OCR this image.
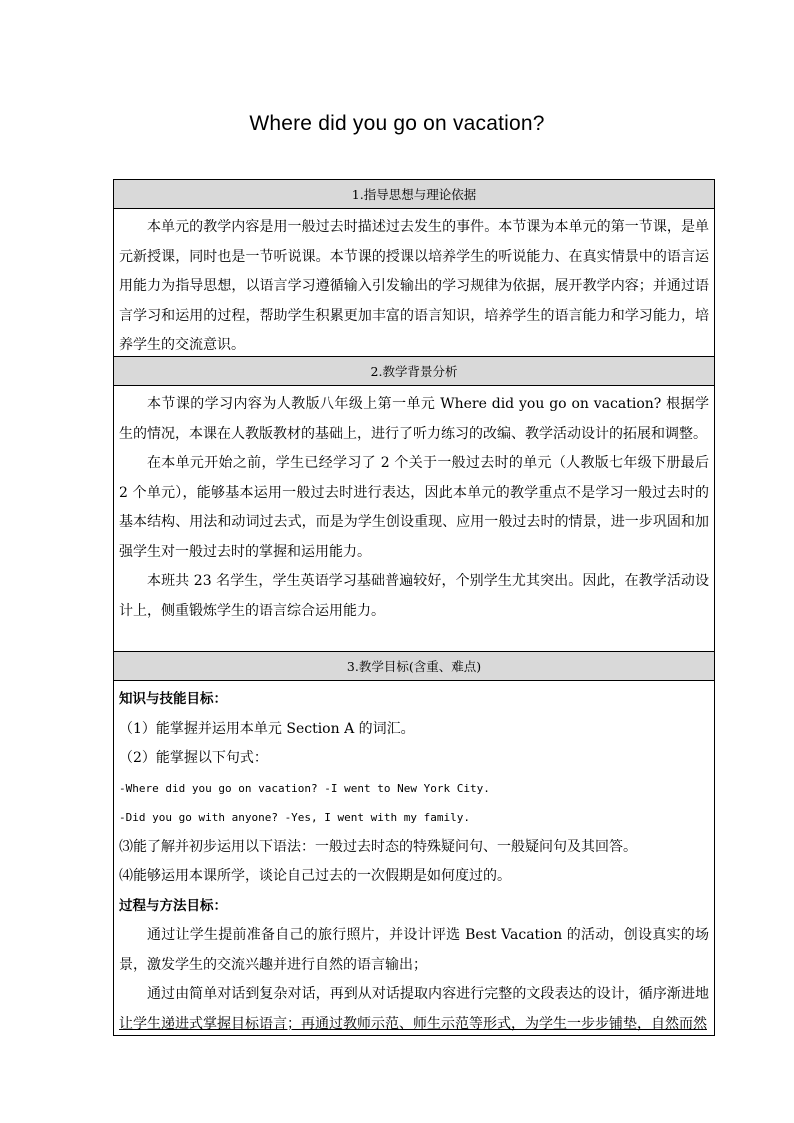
Where did you go on vacation?
1.指导思想与理论依据

本单元的教学内容是用一般过去时描述过去发生的事件。本节课为本单元的第一节课，是单元新授课，同时也是一节听说课。本节课的授课以培养学生的听说能力、在真实情景中的语言运用能力为指导思想，以语言学习遵循输入引发输出的学习规律为依据，展开教学内容；并通过语言学习和运用的过程，帮助学生积累更加丰富的语言知识，培养学生的语言能力和学习能力，培养学生的交流意识。

2.教学背景分析

本节课的学习内容为人教版八年级上第一单元 Where did you go on vacation? 根据学生的情况，本课在人教版教材的基础上，进行了听力练习的改编、教学活动设计的拓展和调整。

在本单元开始之前，学生已经学习了 2 个关于一般过去时的单元（人教版七年级下册最后 2 个单元），能够基本运用一般过去时进行表达，因此本单元的教学重点不是学习一般过去时的基本结构、用法和动词过去式，而是为学生创设重现、应用一般过去时的情景，进一步巩固和加强学生对一般过去时的掌握和运用能力。

本班共 23 名学生，学生英语学习基础普遍较好，个别学生尤其突出。因此，在教学活动设计上，侧重锻炼学生的语言综合运用能力。

3.教学目标(含重、难点)

知识与技能目标：

（1）能掌握并运用本单元 Section A 的词汇。

（2）能掌握以下句式：

-Where did you go on vacation? -I went to New York City.

-Did you go with anyone? -Yes, I went with my family.

⑶能了解并初步运用以下语法：一般过去时态的特殊疑问句、一般疑问句及其回答。

⑷能够运用本课所学，谈论自己过去的一次假期是如何度过的。

过程与方法目标：

通过让学生提前准备自己的旅行照片，并设计评选 Best Vacation 的活动，创设真实的场景，激发学生的交流兴趣并进行自然的语言输出；

通过由简单对话到复杂对话，再到从对话提取内容进行完整的文段表达的设计，循序渐进地让学生递进式掌握目标语言；再通过教师示范、师生示范等形式，为学生一步步铺垫，自然而然
